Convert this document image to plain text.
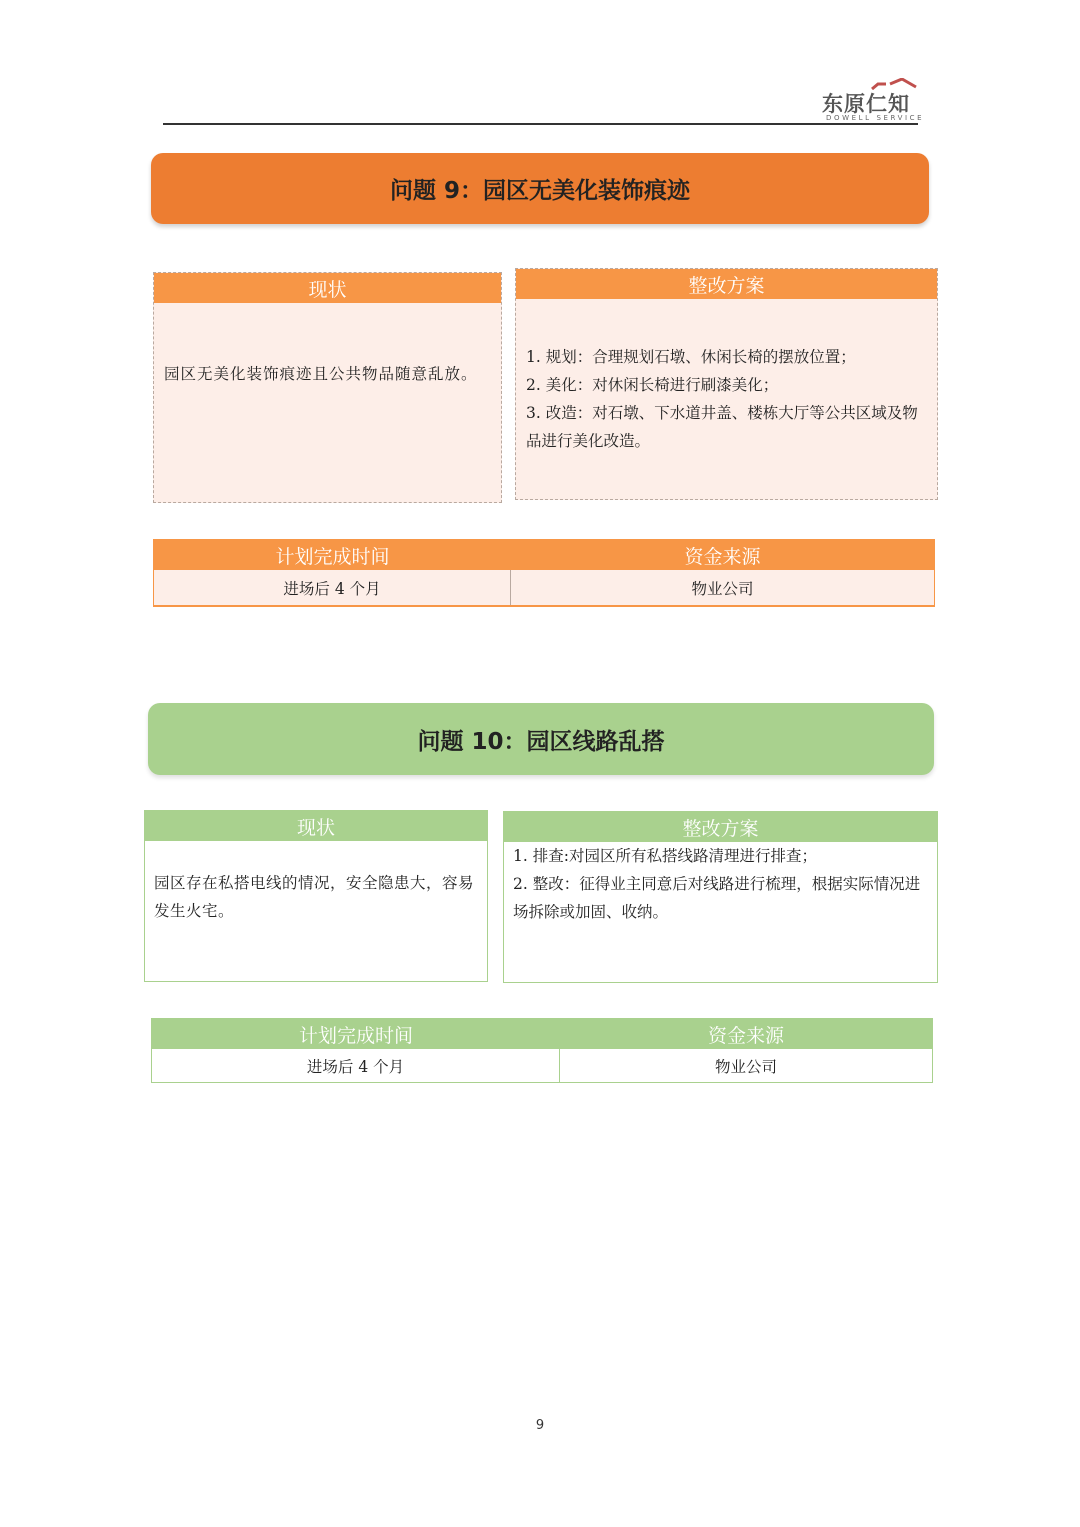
东原仁知
DOWELL SERVICE
问题 9：园区无美化装饰痕迹
现状
园区无美化装饰痕迹且公共物品随意乱放。
整改方案
1. 规划：合理规划石墩、休闲长椅的摆放位置；
2. 美化：对休闲长椅进行刷漆美化；
3. 改造：对石墩、下水道井盖、楼栋大厅等公共区域及物品进行美化改造。
计划完成时间	资金来源
进场后 4 个月	物业公司
问题 10：园区线路乱搭
现状
园区存在私搭电线的情况，安全隐患大，容易发生火宅。
整改方案
1. 排查:对园区所有私搭线路清理进行排查；
2. 整改：征得业主同意后对线路进行梳理，根据实际情况进场拆除或加固、收纳。
计划完成时间	资金来源
进场后 4 个月	物业公司
9
